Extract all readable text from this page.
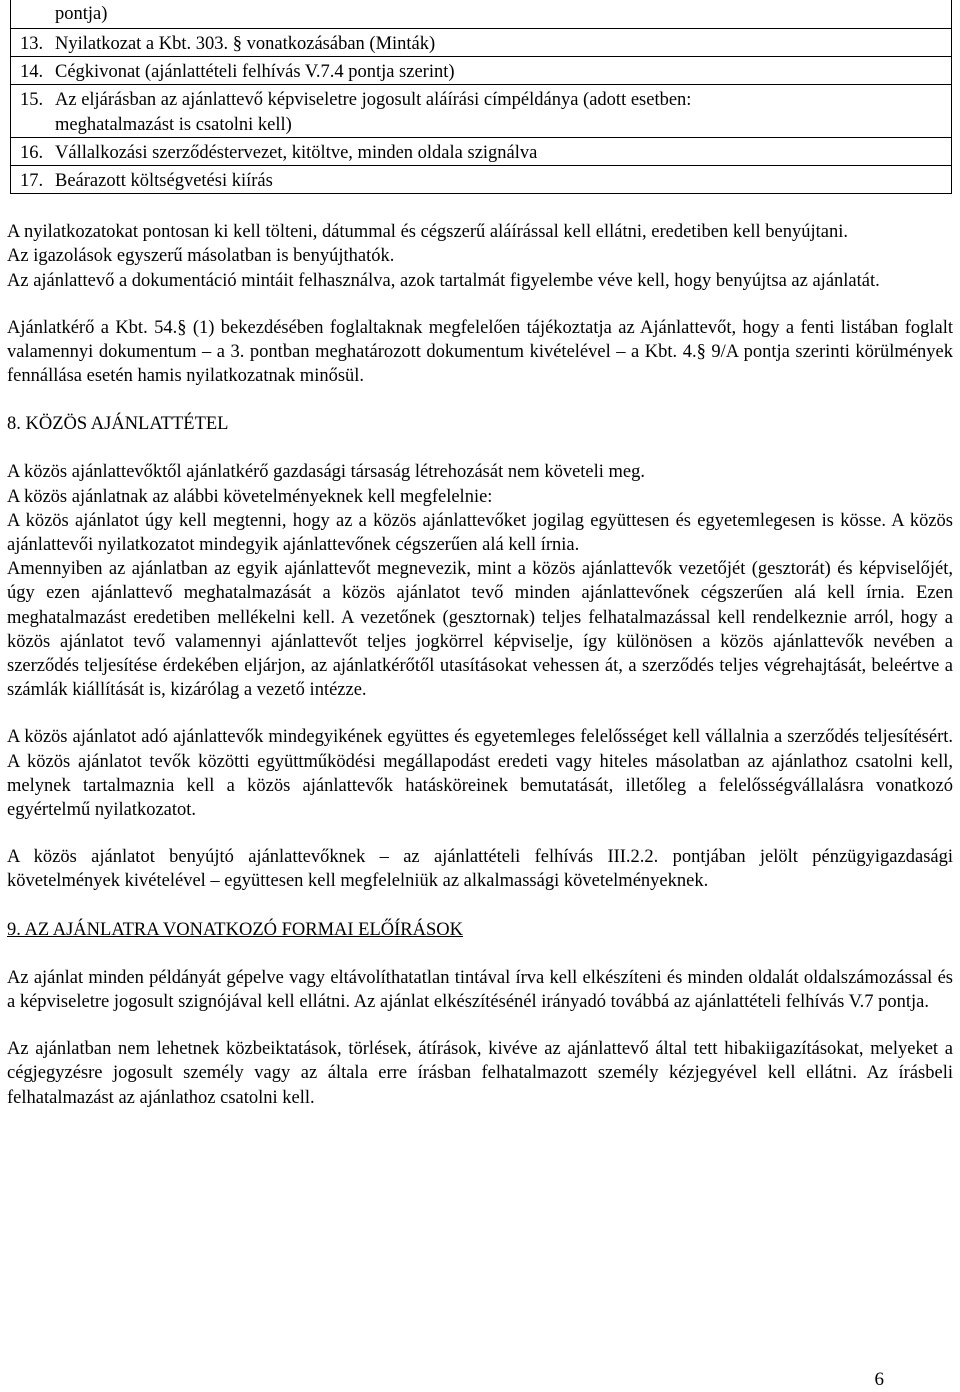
pontja)
13. Nyilatkozat a Kbt. 303. § vonatkozásában (Minták)
14. Cégkivonat (ajánlattételi felhívás V.7.4 pontja szerint)
15. Az eljárásban az ajánlattevő képviseletre jogosult aláírási címpéldánya (adott esetben:
meghatalmazást is csatolni kell)
16. Vállalkozási szerződéstervezet, kitöltve, minden oldala szignálva
17. Beárazott költségvetési kiírás

A nyilatkozatokat pontosan ki kell tölteni, dátummal és cégszerű aláírással kell ellátni, eredetiben kell benyújtani.

Az igazolások egyszerű másolatban is benyújthatók.

Az ajánlattevő a dokumentáció mintáit felhasználva, azok tartalmát figyelembe véve kell, hogy benyújtsa az ajánlatát.

Ajánlatkérő a Kbt. 54.§ (1) bekezdésében foglaltaknak megfelelően tájékoztatja az Ajánlattevőt, hogy a fenti listában foglalt valamennyi dokumentum – a 3. pontban meghatározott dokumentum kivételével – a Kbt. 4.§ 9/A pontja szerinti körülmények fennállása esetén hamis nyilatkozatnak minősül.

8. KÖZÖS AJÁNLATTÉTEL

A közös ajánlattevőktől ajánlatkérő gazdasági társaság létrehozását nem követeli meg.

A közös ajánlatnak az alábbi követelményeknek kell megfelelnie:

A közös ajánlatot úgy kell megtenni, hogy az a közös ajánlattevőket jogilag együttesen és egyetemlegesen is kösse. A közös ajánlattevői nyilatkozatot mindegyik ajánlattevőnek cégszerűen alá kell írnia.

Amennyiben az ajánlatban az egyik ajánlattevőt megnevezik, mint a közös ajánlattevők vezetőjét (gesztorát) és képviselőjét, úgy ezen ajánlattevő meghatalmazását a közös ajánlatot tevő minden ajánlattevőnek cégszerűen alá kell írnia. Ezen meghatalmazást eredetiben mellékelni kell. A vezetőnek (gesztornak) teljes felhatalmazással kell rendelkeznie arról, hogy a közös ajánlatot tevő valamennyi ajánlattevőt teljes jogkörrel képviselje, így különösen a közös ajánlattevők nevében a szerződés teljesítése érdekében eljárjon, az ajánlatkérőtől utasításokat vehessen át, a szerződés teljes végrehajtását, beleértve a számlák kiállítását is, kizárólag a vezető intézze.

A közös ajánlatot adó ajánlattevők mindegyikének együttes és egyetemleges felelősséget kell vállalnia a szerződés teljesítésért. A közös ajánlatot tevők közötti együttműködési megállapodást eredeti vagy hiteles másolatban az ajánlathoz csatolni kell, melynek tartalmaznia kell a közös ajánlattevők hatásköreinek bemutatását, illetőleg a felelősségvállalásra vonatkozó egyértelmű nyilatkozatot.

A közös ajánlatot benyújtó ajánlattevőknek – az ajánlattételi felhívás III.2.2. pontjában jelölt pénzügyigazdasági követelmények kivételével – együttesen kell megfelelniük az alkalmassági követelményeknek.

9. AZ AJÁNLATRA VONATKOZÓ FORMAI ELŐÍRÁSOK

Az ajánlat minden példányát gépelve vagy eltávolíthatatlan tintával írva kell elkészíteni és minden oldalát oldalszámozással és a képviseletre jogosult szignójával kell ellátni. Az ajánlat elkészítésénél irányadó továbbá az ajánlattételi felhívás V.7 pontja.

Az ajánlatban nem lehetnek közbeiktatások, törlések, átírások, kivéve az ajánlattevő által tett hibakiigazításokat, melyeket a cégjegyzésre jogosult személy vagy az általa erre írásban felhatalmazott személy kézjegyével kell ellátni. Az írásbeli felhatalmazást az ajánlathoz csatolni kell.

6
